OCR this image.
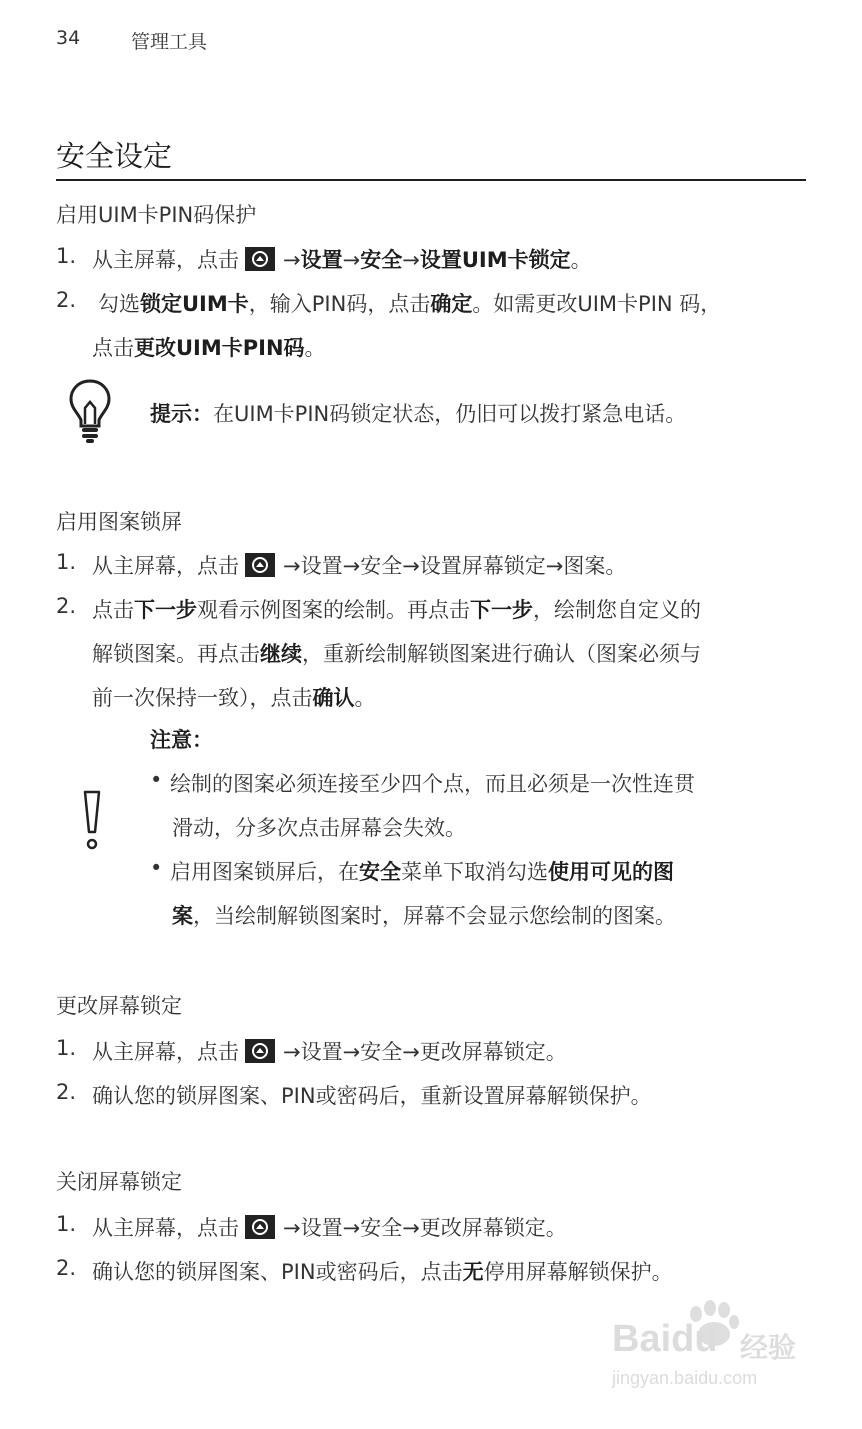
34	管理工具
安全设定
启用UIM卡PIN码保护
1. 从主屏幕，点击 →设置→安全→设置UIM卡锁定。
2. 勾选锁定UIM卡，输入PIN码，点击确定。如需更改UIM卡PIN 码，
点击更改UIM卡PIN码。
提示：在UIM卡PIN码锁定状态，仍旧可以拨打紧急电话。
启用图案锁屏
1. 从主屏幕，点击 →设置→安全→设置屏幕锁定→图案。
2. 点击下一步观看示例图案的绘制。再点击下一步，绘制您自定义的
解锁图案。再点击继续，重新绘制解锁图案进行确认（图案必须与
前一次保持一致），点击确认。
注意：
• 绘制的图案必须连接至少四个点，而且必须是一次性连贯
滑动，分多次点击屏幕会失效。
• 启用图案锁屏后，在安全菜单下取消勾选使用可见的图
案，当绘制解锁图案时，屏幕不会显示您绘制的图案。
更改屏幕锁定
1. 从主屏幕，点击 →设置→安全→更改屏幕锁定。
2. 确认您的锁屏图案、PIN或密码后，重新设置屏幕解锁保护。
关闭屏幕锁定
1. 从主屏幕，点击 →设置→安全→更改屏幕锁定。
2. 确认您的锁屏图案、PIN或密码后，点击无停用屏幕解锁保护。
Baidu 经验
jingyan.baidu.com
